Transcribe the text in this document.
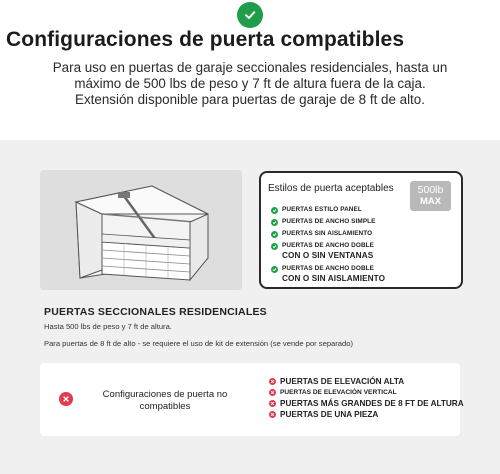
Configuraciones de puerta compatibles
Para uso en puertas de garaje seccionales residenciales, hasta un
máximo de 500 lbs de peso y 7 ft de altura fuera de la caja.
Extensión disponible para puertas de garaje de 8 ft de alto.
Estilos de puerta aceptables	500lb
MAX
PUERTAS ESTILO PANEL
PUERTAS DE ANCHO SIMPLE
PUERTAS SIN AISLAMIENTO
PUERTAS DE ANCHO DOBLE
CON O SIN VENTANAS
PUERTAS DE ANCHO DOBLE
CON O SIN AISLAMIENTO
PUERTAS SECCIONALES RESIDENCIALES
Hasta 500 lbs de peso y 7 ft de altura.
Para puertas de 8 ft de alto - se requiere el uso de kit de extensión (se vende por separado)
Configuraciones de puerta no
compatibles
PUERTAS DE ELEVACIÓN ALTA
PUERTAS DE ELEVACIÓN VERTICAL
PUERTAS MÁS GRANDES DE 8 FT DE ALTURA
PUERTAS DE UNA PIEZA
